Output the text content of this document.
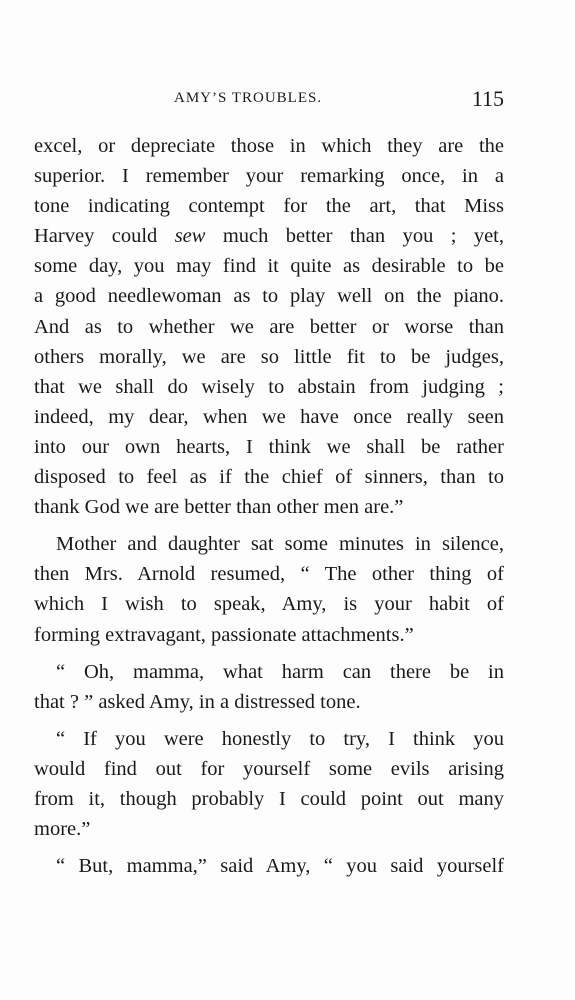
AMY’S TROUBLES.	115
excel, or depreciate those in which they are the
superior. I remember your remarking once, in a
tone indicating contempt for the art, that Miss
Harvey could sew much better than you ; yet,
some day, you may find it quite as desirable to be
a good needlewoman as to play well on the piano.
And as to whether we are better or worse than
others morally, we are so little fit to be judges,
that we shall do wisely to abstain from judging ;
indeed, my dear, when we have once really seen
into our own hearts, I think we shall be rather
disposed to feel as if the chief of sinners, than to
thank God we are better than other men are.”
Mother and daughter sat some minutes in silence,
then Mrs. Arnold resumed, “ The other thing of
which I wish to speak, Amy, is your habit of
forming extravagant, passionate attachments.”
“ Oh, mamma, what harm can there be in
that ? ” asked Amy, in a distressed tone.
“ If you were honestly to try, I think you
would find out for yourself some evils arising
from it, though probably I could point out many
more.”
“ But, mamma,” said Amy, “ you said yourself
